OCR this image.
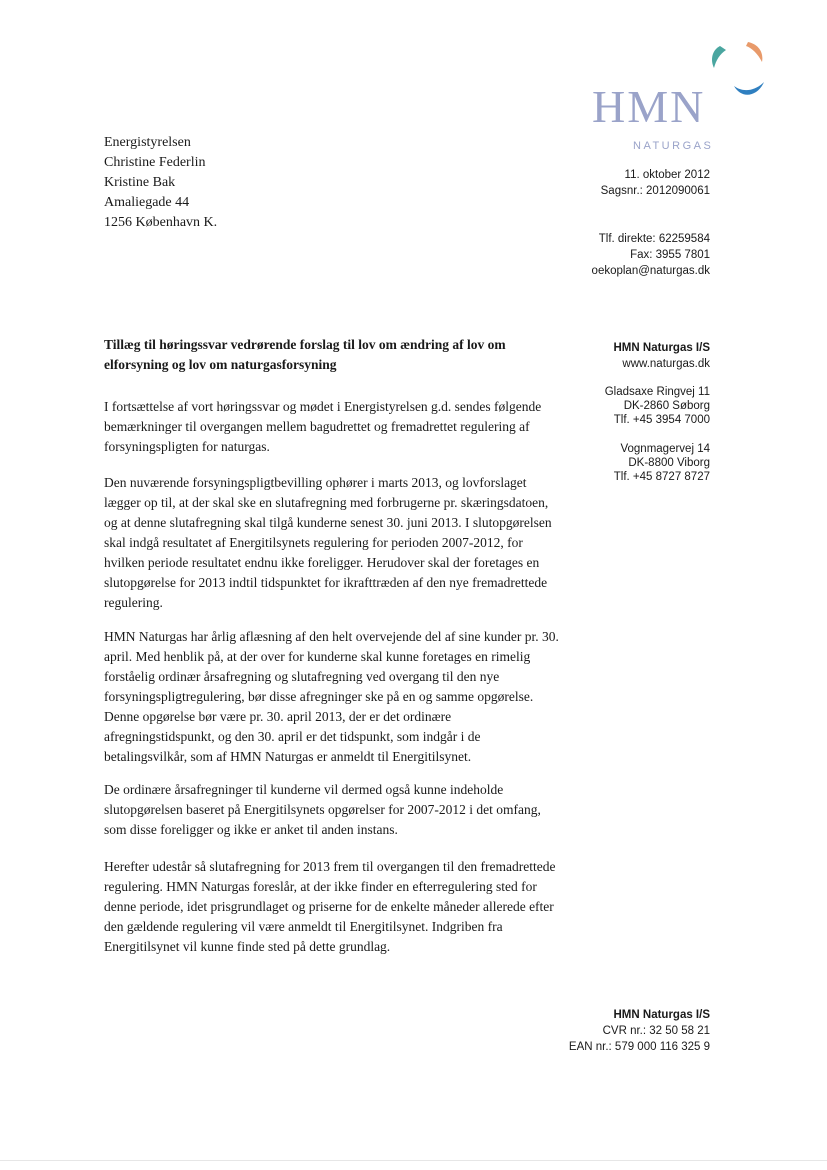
HMN
NATURGAS
Energistyrelsen
Christine Federlin
Kristine Bak
Amaliegade 44
1256 København K.
11. oktober 2012
Sagsnr.: 2012090061
Tlf. direkte: 62259584
Fax: 3955 7801
oekoplan@naturgas.dk
HMN Naturgas I/S
www.naturgas.dk
Gladsaxe Ringvej 11
DK-2860 Søborg
Tlf. +45 3954 7000
Vognmagervej 14
DK-8800 Viborg
Tlf. +45 8727 8727
Tillæg til høringssvar vedrørende forslag til lov om ændring af lov om elforsyning og lov om naturgasforsyning
I fortsættelse af vort høringssvar og mødet i Energistyrelsen g.d. sendes følgende bemærkninger til overgangen mellem bagudrettet og fremadrettet regulering af forsyningspligten for naturgas.
Den nuværende forsyningspligtbevilling ophører i marts 2013, og lovforslaget lægger op til, at der skal ske en slutafregning med forbrugerne pr. skæringsdatoen, og at denne slutafregning skal tilgå kunderne senest 30. juni 2013. I slutopgørelsen skal indgå resultatet af Energitilsynets regulering for perioden 2007-2012, for hvilken periode resultatet endnu ikke foreligger. Herudover skal der foretages en slutopgørelse for 2013 indtil tidspunktet for ikrafttræden af den nye fremadrettede regulering.
HMN Naturgas har årlig aflæsning af den helt overvejende del af sine kunder pr. 30. april. Med henblik på, at der over for kunderne skal kunne foretages en rimelig forståelig ordinær årsafregning og slutafregning ved overgang til den nye forsyningspligtregulering, bør disse afregninger ske på en og samme opgørelse. Denne opgørelse bør være pr. 30. april 2013, der er det ordinære afregningstidspunkt, og den 30. april er det tidspunkt, som indgår i de betalingsvilkår, som af HMN Naturgas er anmeldt til Energitilsynet.
De ordinære årsafregninger til kunderne vil dermed også kunne indeholde slutopgørelsen baseret på Energitilsynets opgørelser for 2007-2012 i det omfang, som disse foreligger og ikke er anket til anden instans.
Herefter udestår så slutafregning for 2013 frem til overgangen til den fremadrettede regulering. HMN Naturgas foreslår, at der ikke finder en efterregulering sted for denne periode, idet prisgrundlaget og priserne for de enkelte måneder allerede efter den gældende regulering vil være anmeldt til Energitilsynet. Indgriben fra Energitilsynet vil kunne finde sted på dette grundlag.
HMN Naturgas I/S
CVR nr.: 32 50 58 21
EAN nr.: 579 000 116 325 9
